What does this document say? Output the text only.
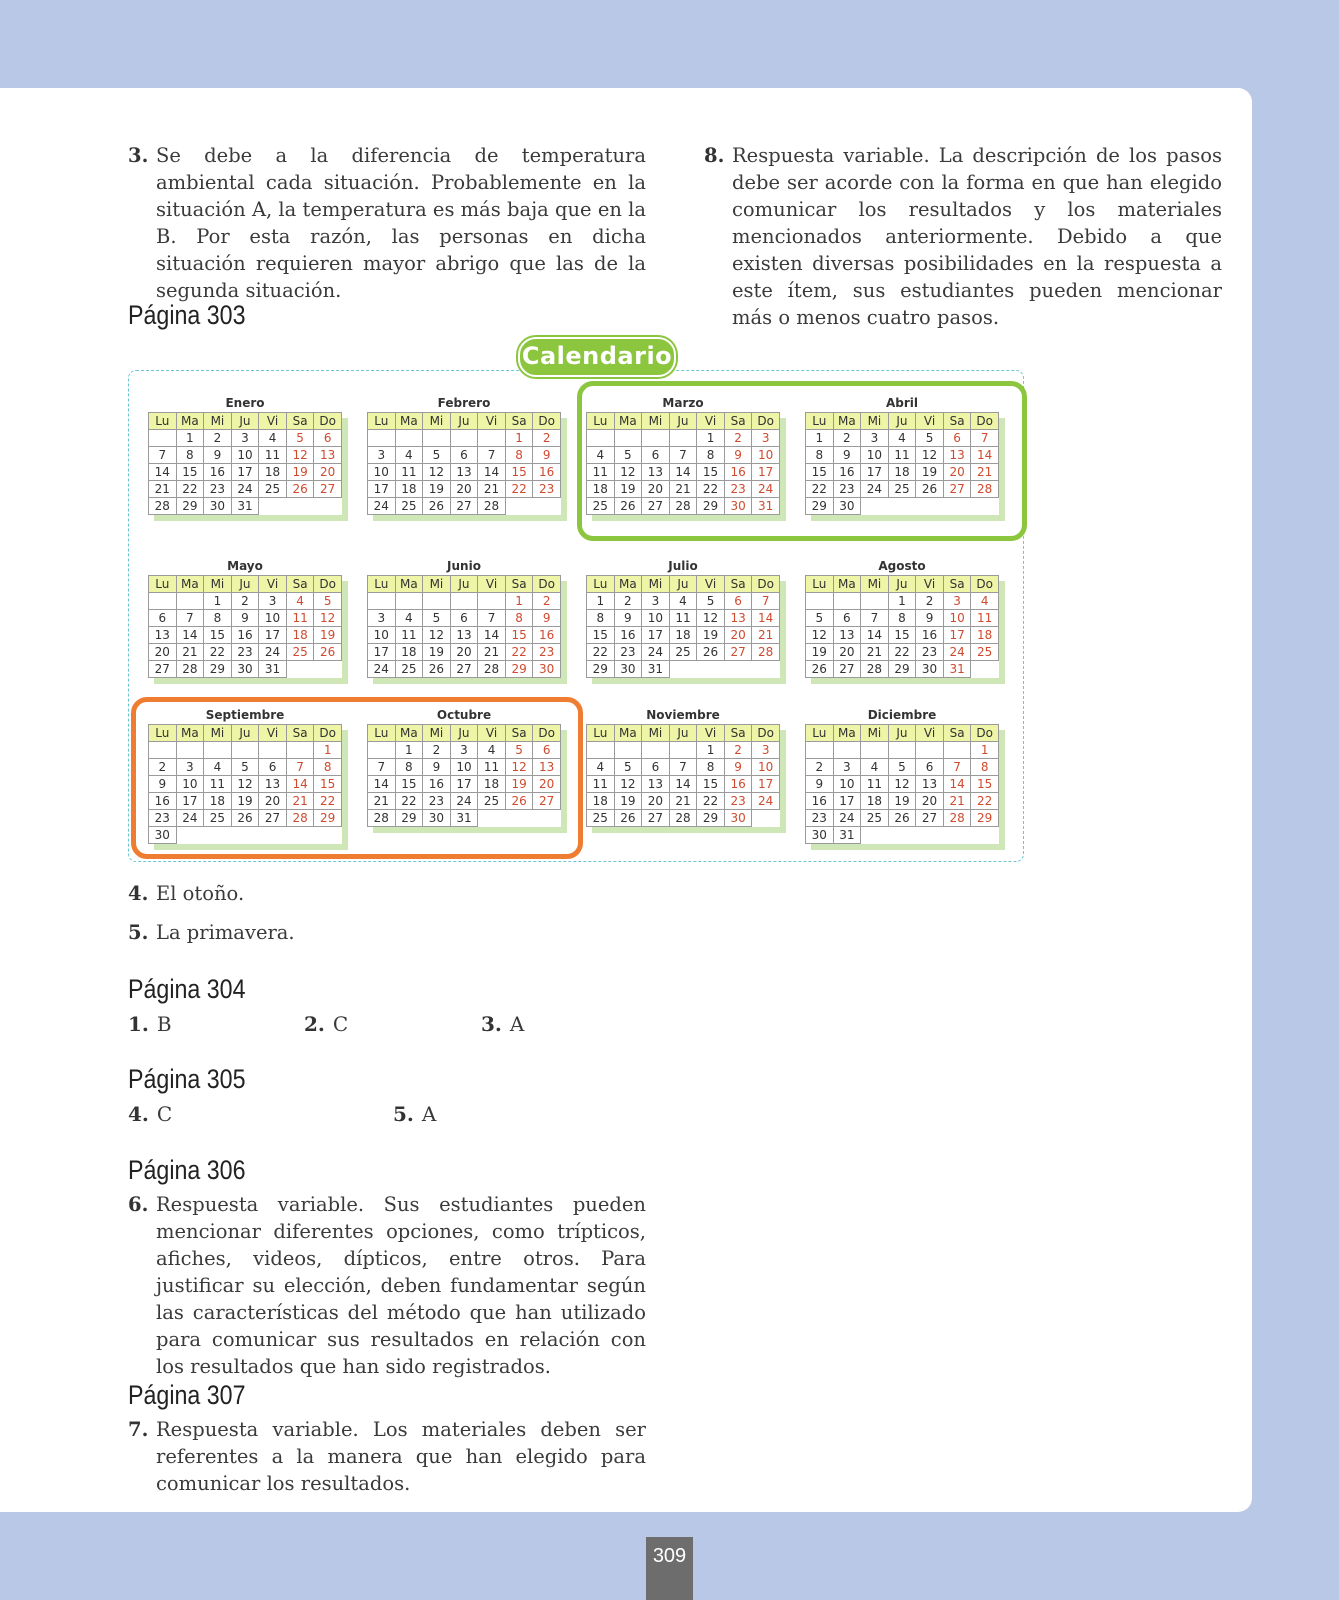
3. Se debe a la diferencia de temperatura ambiental cada situación. Probablemente en la situación A, la temperatura es más baja que en la B. Por esta razón, las personas en dicha situación requieren mayor abrigo que las de la segunda situación.
8. Respuesta variable. La descripción de los pasos debe ser acorde con la forma en que han elegido comunicar los resultados y los materiales mencionados anteriormente. Debido a que existen diversas posibilidades en la respuesta a este ítem, sus estudiantes pueden mencionar más o menos cuatro pasos.
Página 303
Calendario
Enero
Lu	Ma	Mi	Ju	Vi	Sa	Do
	1	2	3	4	5	6
7	8	9	10	11	12	13
14	15	16	17	18	19	20
21	22	23	24	25	26	27
28	29	30	31			
Febrero
Lu	Ma	Mi	Ju	Vi	Sa	Do
					1	2
3	4	5	6	7	8	9
10	11	12	13	14	15	16
17	18	19	20	21	22	23
24	25	26	27	28		
Marzo
Lu	Ma	Mi	Ju	Vi	Sa	Do
				1	2	3
4	5	6	7	8	9	10
11	12	13	14	15	16	17
18	19	20	21	22	23	24
25	26	27	28	29	30	31
Abril
Lu	Ma	Mi	Ju	Vi	Sa	Do
1	2	3	4	5	6	7
8	9	10	11	12	13	14
15	16	17	18	19	20	21
22	23	24	25	26	27	28
29	30					
Mayo
Lu	Ma	Mi	Ju	Vi	Sa	Do
		1	2	3	4	5
6	7	8	9	10	11	12
13	14	15	16	17	18	19
20	21	22	23	24	25	26
27	28	29	30	31		
Junio
Lu	Ma	Mi	Ju	Vi	Sa	Do
					1	2
3	4	5	6	7	8	9
10	11	12	13	14	15	16
17	18	19	20	21	22	23
24	25	26	27	28	29	30
Julio
Lu	Ma	Mi	Ju	Vi	Sa	Do
1	2	3	4	5	6	7
8	9	10	11	12	13	14
15	16	17	18	19	20	21
22	23	24	25	26	27	28
29	30	31				
Agosto
Lu	Ma	Mi	Ju	Vi	Sa	Do
			1	2	3	4
5	6	7	8	9	10	11
12	13	14	15	16	17	18
19	20	21	22	23	24	25
26	27	28	29	30	31	
Septiembre
Lu	Ma	Mi	Ju	Vi	Sa	Do
						1
2	3	4	5	6	7	8
9	10	11	12	13	14	15
16	17	18	19	20	21	22
23	24	25	26	27	28	29
30						
Octubre
Lu	Ma	Mi	Ju	Vi	Sa	Do
	1	2	3	4	5	6
7	8	9	10	11	12	13
14	15	16	17	18	19	20
21	22	23	24	25	26	27
28	29	30	31			
Noviembre
Lu	Ma	Mi	Ju	Vi	Sa	Do
				1	2	3
4	5	6	7	8	9	10
11	12	13	14	15	16	17
18	19	20	21	22	23	24
25	26	27	28	29	30	
Diciembre
Lu	Ma	Mi	Ju	Vi	Sa	Do
						1
2	3	4	5	6	7	8
9	10	11	12	13	14	15
16	17	18	19	20	21	22
23	24	25	26	27	28	29
30	31					
4. El otoño.
5. La primavera.
Página 304
1. B	2. C	3. A
Página 305
4. C	5. A
Página 306
6. Respuesta variable. Sus estudiantes pueden mencionar diferentes opciones, como trípticos, afiches, videos, dípticos, entre otros. Para justificar su elección, deben fundamentar según las características del método que han utilizado para comunicar sus resultados en relación con los resultados que han sido registrados.
Página 307
7. Respuesta variable. Los materiales deben ser referentes a la manera que han elegido para comunicar los resultados.
309
